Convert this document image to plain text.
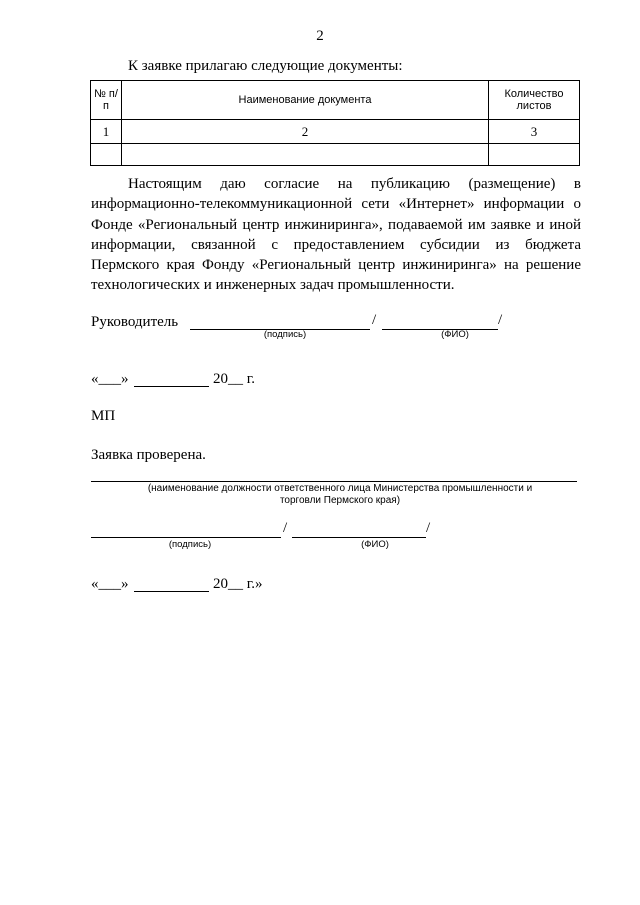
2
К заявке прилагаю следующие документы:
№ п/п	Наименование документа	Количество листов
1	2	3

Настоящим даю согласие на публикацию (размещение) в информационно-телекоммуникационной сети «Интернет» информации о Фонде «Региональный центр инжиниринга», подаваемой им заявке и иной информации, связанной с предоставлением субсидии из бюджета Пермского края Фонду «Региональный центр инжиниринга» на решение технологических и инженерных задач промышленности.
Руководитель	/	/
(подпись)	(ФИО)
«___»	20__ г.
МП
Заявка проверена.
(наименование должности ответственного лица Министерства промышленности и торговли Пермского края)
/	/
(подпись)	(ФИО)
«___»	20__ г.»
